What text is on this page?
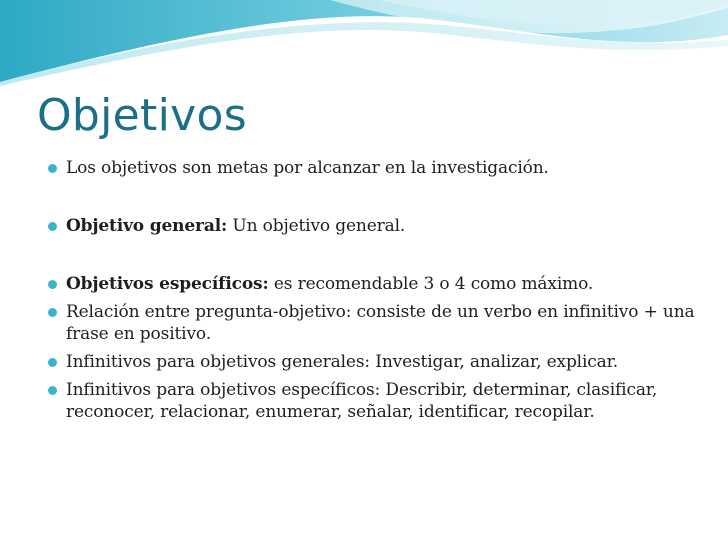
Objetivos
Los objetivos son metas por alcanzar en la investigación.
Objetivo general: Un objetivo general.
Objetivos específicos: es recomendable 3 o 4 como máximo.
Relación entre pregunta-objetivo: consiste de un verbo en infinitivo + una frase en positivo.
Infinitivos para objetivos generales: Investigar, analizar, explicar.
Infinitivos para objetivos específicos: Describir, determinar, clasificar, reconocer, relacionar, enumerar, señalar, identificar, recopilar.
